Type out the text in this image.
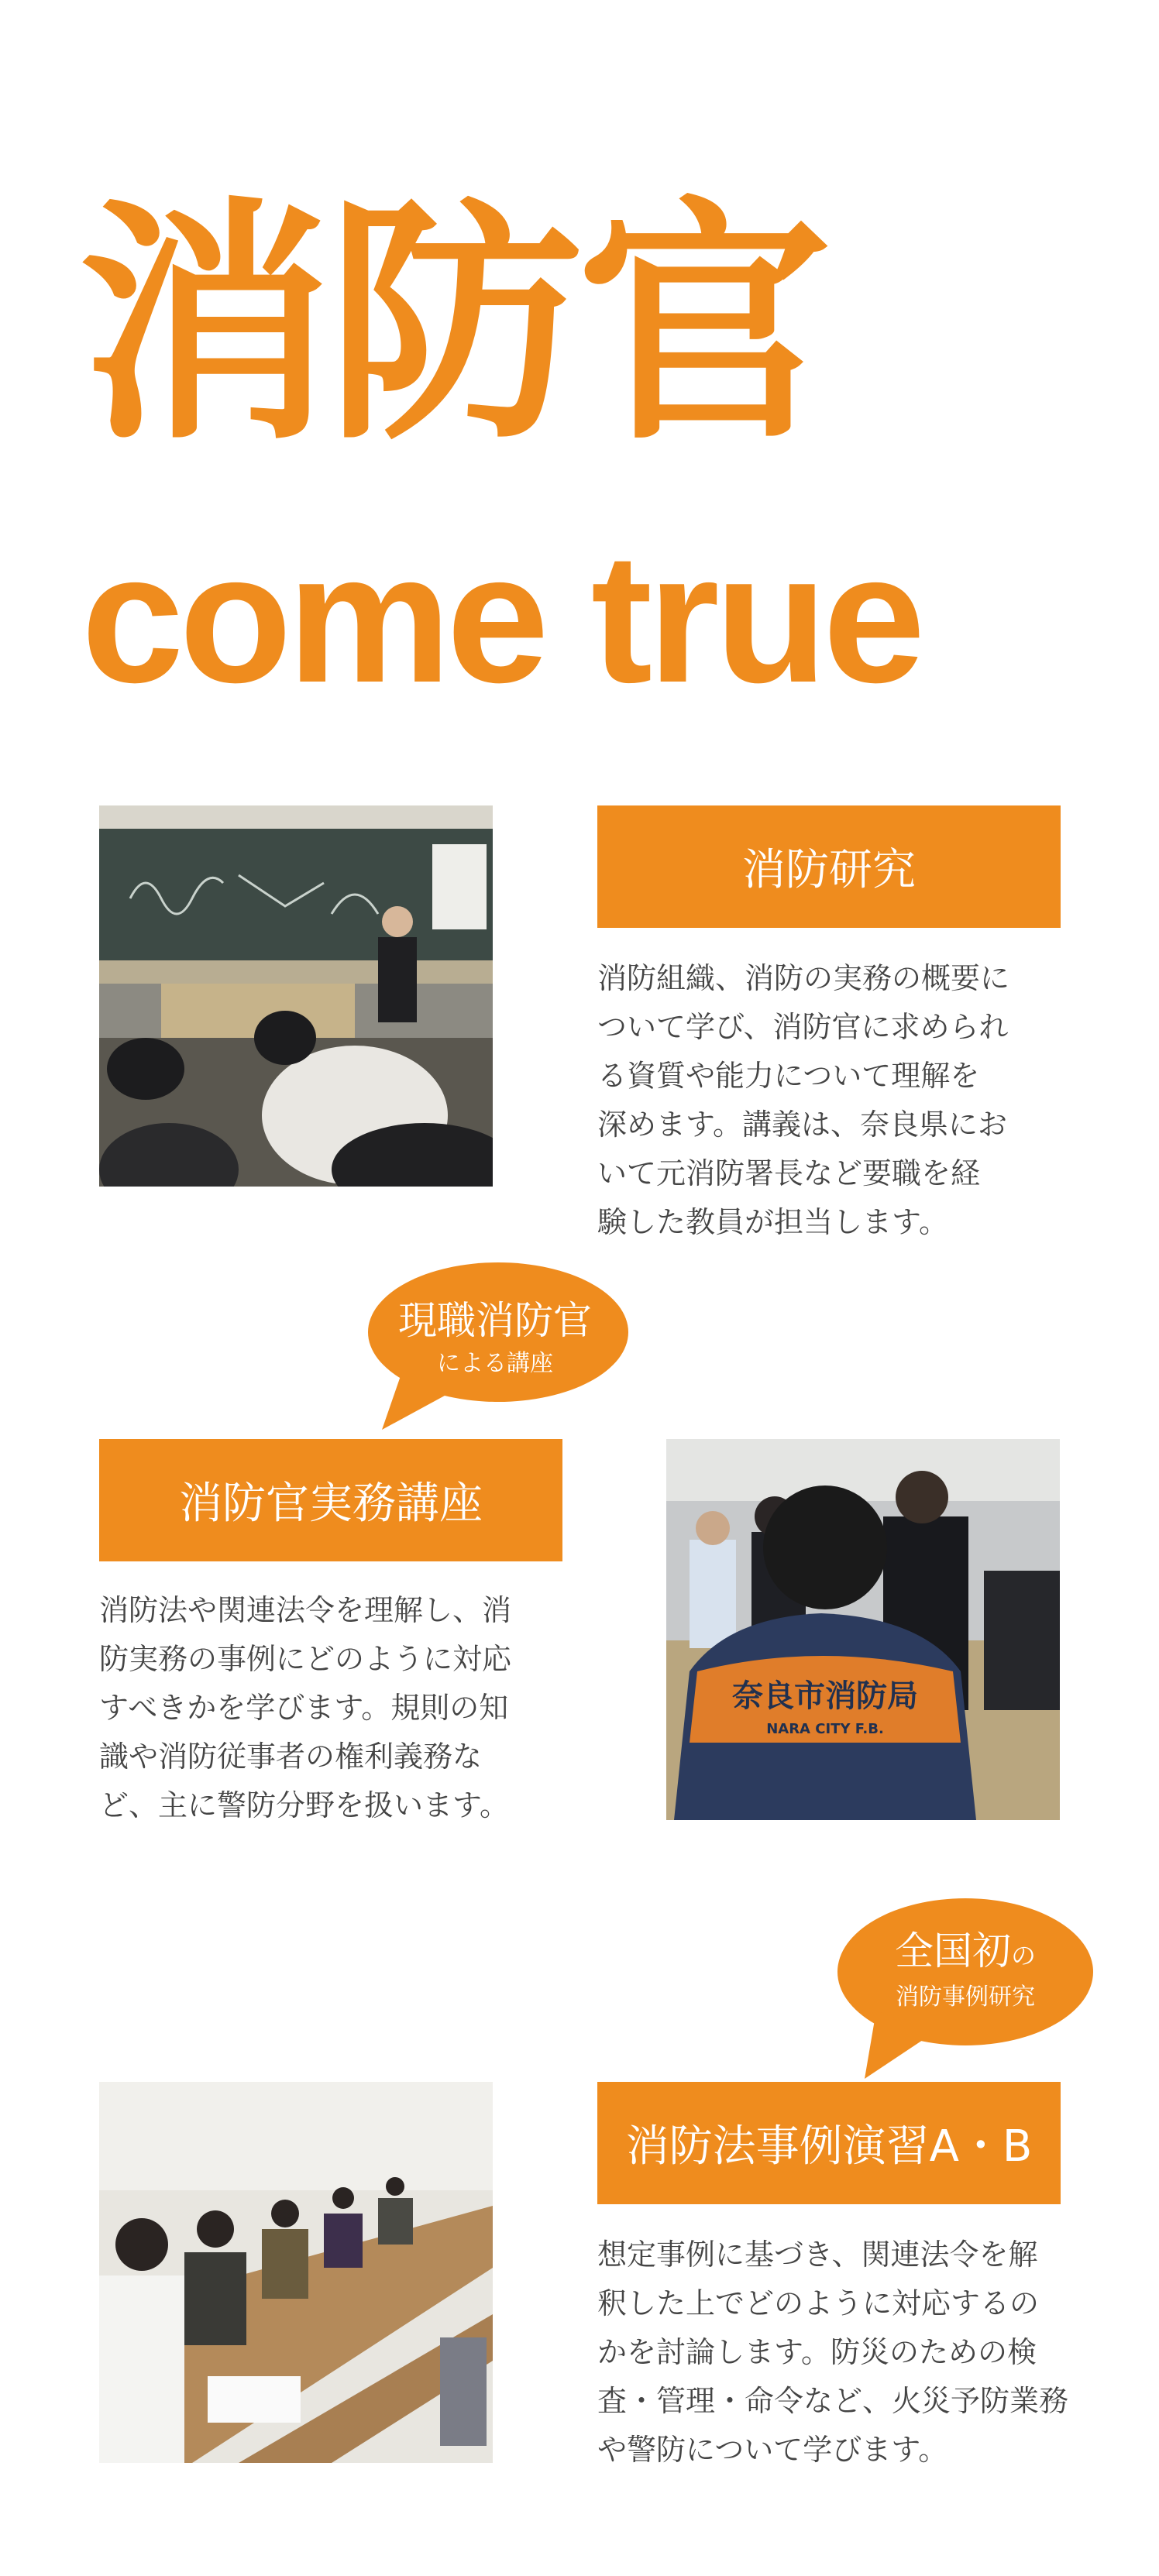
消防官
come true
消防研究

消防組織、消防の実務の概要に
ついて学び、消防官に求められ
る資質や能力について理解を
深めます。講義は、奈良県にお
いて元消防署長など要職を経
験した教員が担当します。

現職消防官
による講座
消防官実務講座

消防法や関連法令を理解し、消
防実務の事例にどのように対応
すべきかを学びます。規則の知
識や消防従事者の権利義務な
ど、主に警防分野を扱います。

奈良市消防局
NARA CITY F.B.
全国初の
消防事例研究
消防法事例演習A・B

想定事例に基づき、関連法令を解
釈した上でどのように対応するの
かを討論します。防災のための検
査・管理・命令など、火災予防業務
や警防について学びます。
